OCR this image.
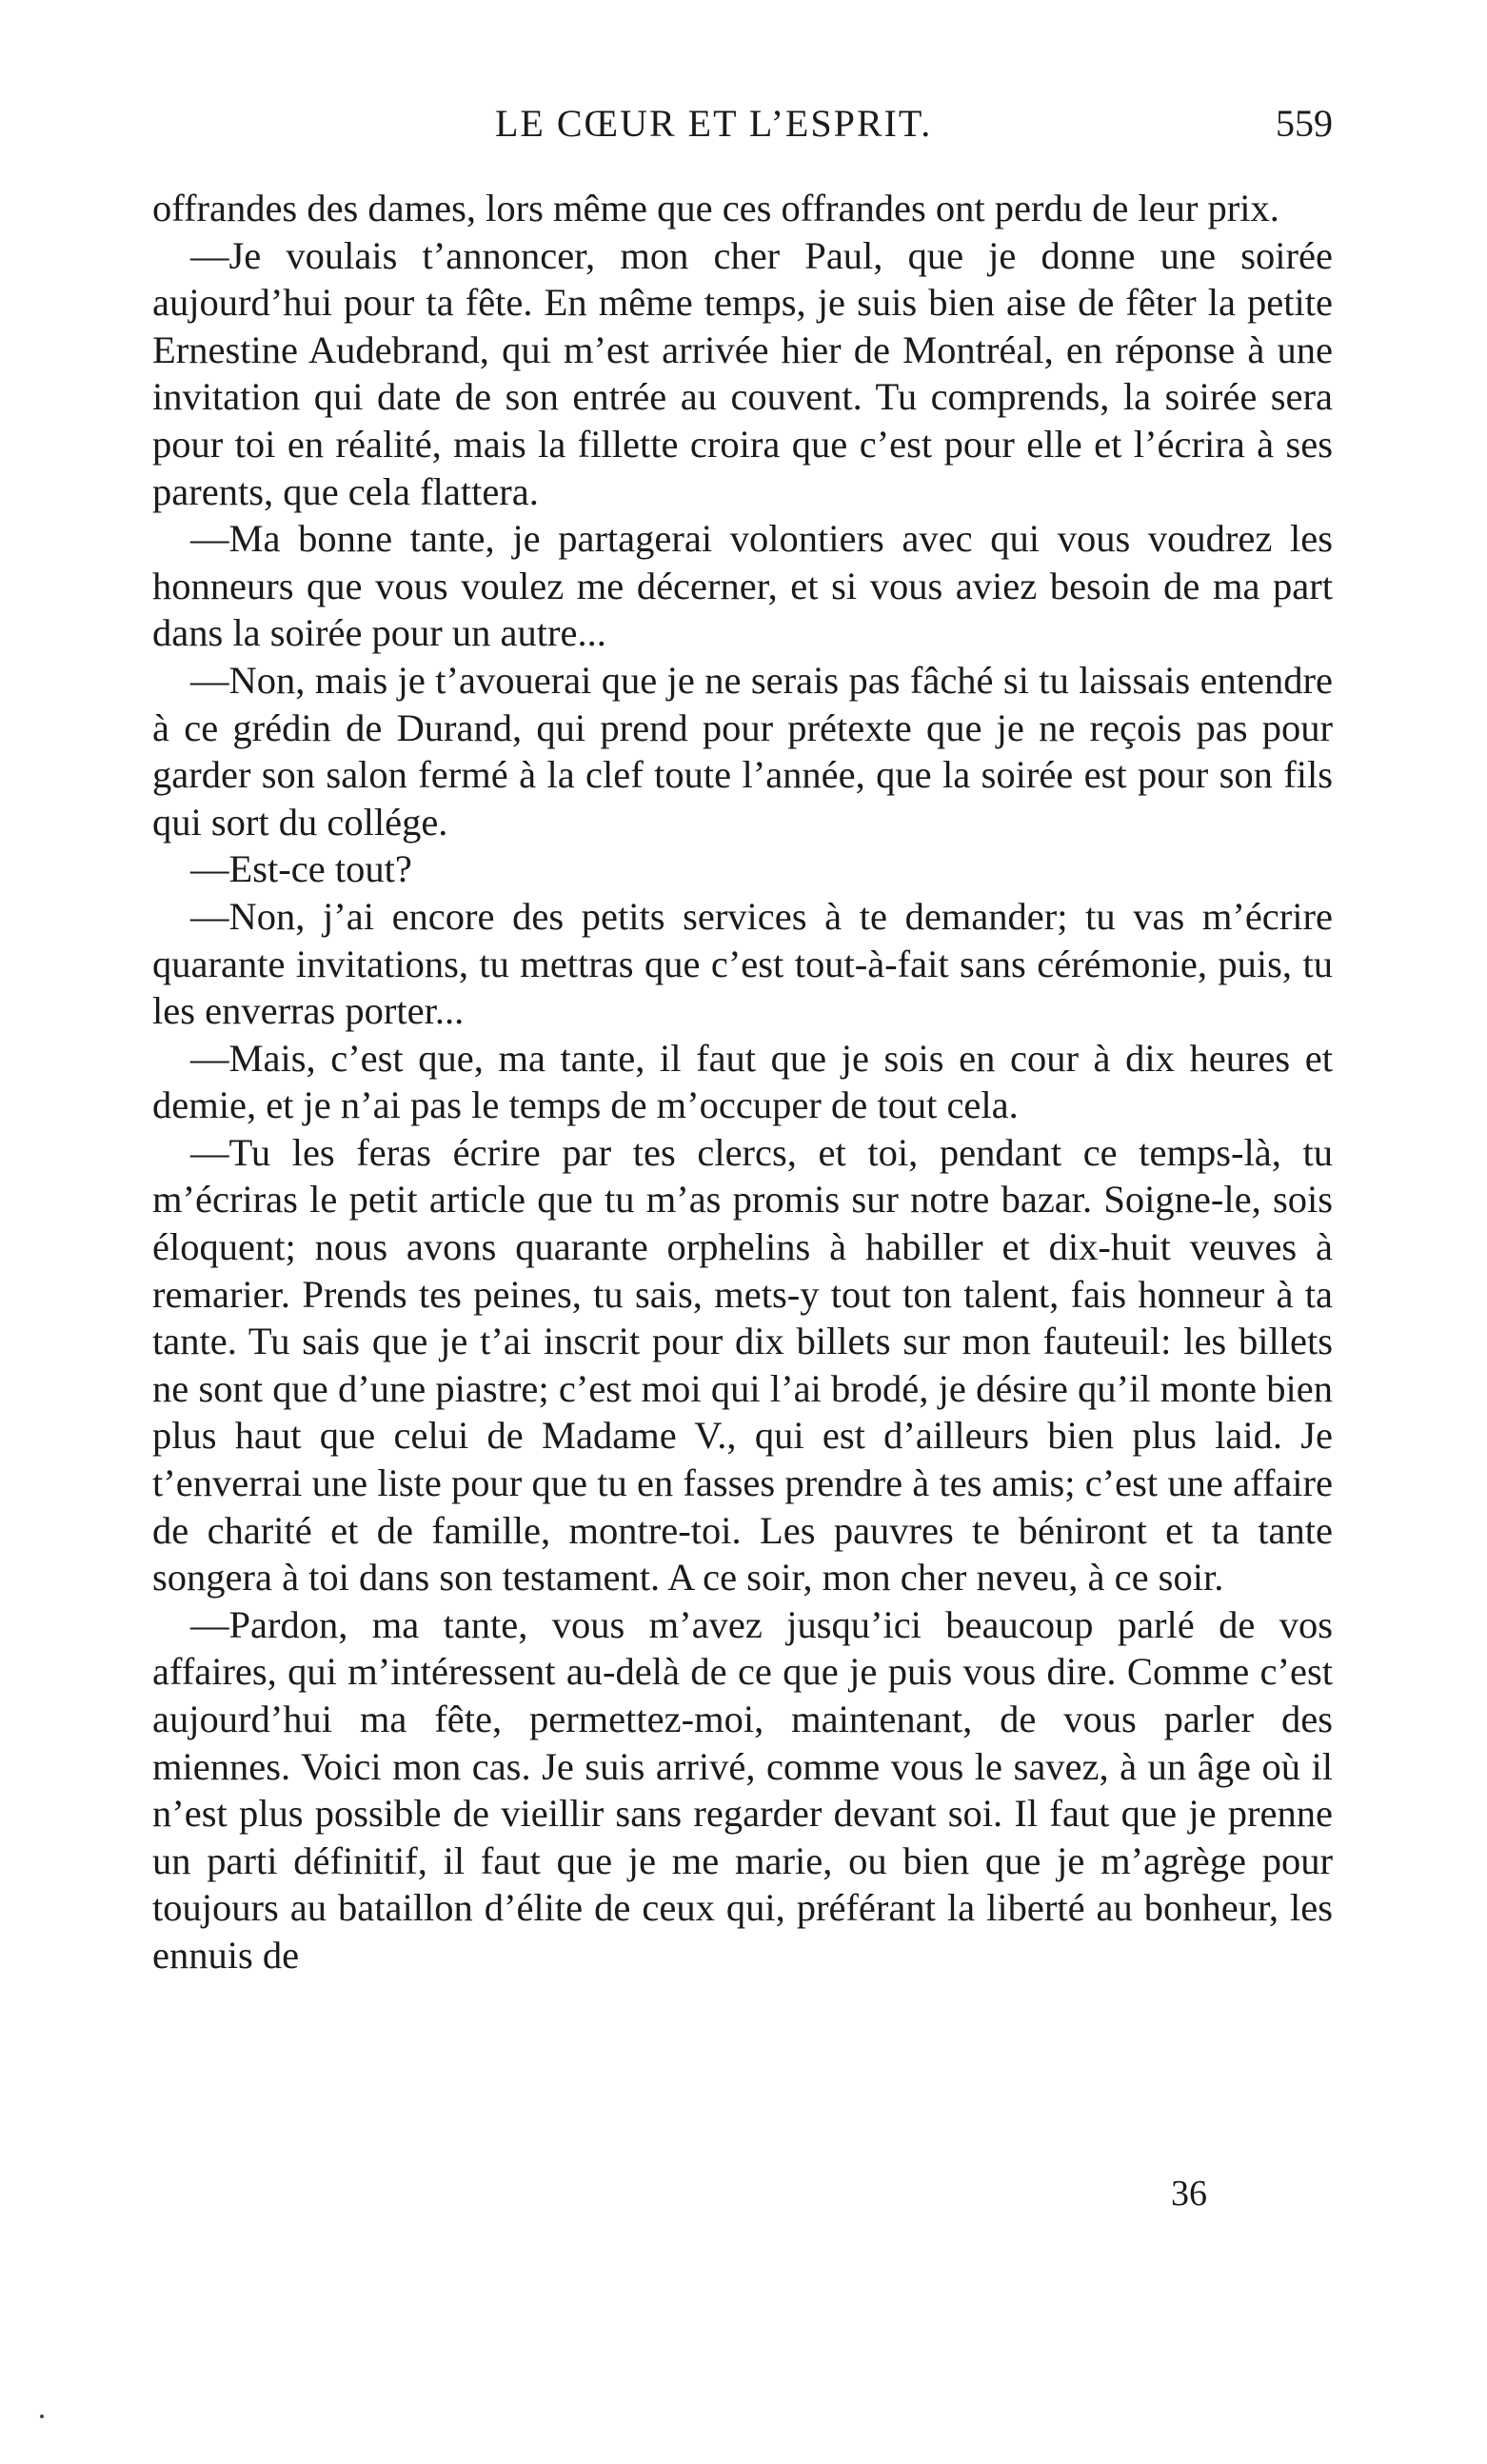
LE CŒUR ET L’ESPRIT.	559

offrandes des dames, lors même que ces offrandes ont perdu de leur prix.

—Je voulais t’annoncer, mon cher Paul, que je donne une soirée aujourd’hui pour ta fête. En même temps, je suis bien aise de fêter la petite Ernestine Audebrand, qui m’est arrivée hier de Montréal, en réponse à une invitation qui date de son entrée au couvent. Tu comprends, la soirée sera pour toi en réalité, mais la fillette croira que c’est pour elle et l’écrira à ses parents, que cela flattera.

—Ma bonne tante, je partagerai volontiers avec qui vous voudrez les honneurs que vous voulez me décerner, et si vous aviez besoin de ma part dans la soirée pour un autre...

—Non, mais je t’avouerai que je ne serais pas fâché si tu laissais entendre à ce grédin de Durand, qui prend pour prétexte que je ne reçois pas pour garder son salon fermé à la clef toute l’année, que la soirée est pour son fils qui sort du collége.

—Est-ce tout?

—Non, j’ai encore des petits services à te demander; tu vas m’écrire quarante invitations, tu mettras que c’est tout-à-fait sans cérémonie, puis, tu les enverras porter...

—Mais, c’est que, ma tante, il faut que je sois en cour à dix heures et demie, et je n’ai pas le temps de m’occuper de tout cela.

—Tu les feras écrire par tes clercs, et toi, pendant ce temps-là, tu m’écriras le petit article que tu m’as promis sur notre bazar. Soigne-le, sois éloquent; nous avons quarante orphelins à habiller et dix-huit veuves à remarier. Prends tes peines, tu sais, mets-y tout ton talent, fais honneur à ta tante. Tu sais que je t’ai inscrit pour dix billets sur mon fauteuil: les billets ne sont que d’une piastre; c’est moi qui l’ai brodé, je désire qu’il monte bien plus haut que celui de Madame V., qui est d’ailleurs bien plus laid. Je t’enverrai une liste pour que tu en fasses prendre à tes amis; c’est une affaire de charité et de famille, montre-toi. Les pauvres te béniront et ta tante songera à toi dans son testament. A ce soir, mon cher neveu, à ce soir.

—Pardon, ma tante, vous m’avez jusqu’ici beaucoup parlé de vos affaires, qui m’intéressent au-delà de ce que je puis vous dire. Comme c’est aujourd’hui ma fête, permettez-moi, maintenant, de vous parler des miennes. Voici mon cas. Je suis arrivé, comme vous le savez, à un âge où il n’est plus possible de vieillir sans regarder devant soi. Il faut que je prenne un parti définitif, il faut que je me marie, ou bien que je m’agrège pour toujours au bataillon d’élite de ceux qui, préférant la liberté au bonheur, les ennuis de

36
